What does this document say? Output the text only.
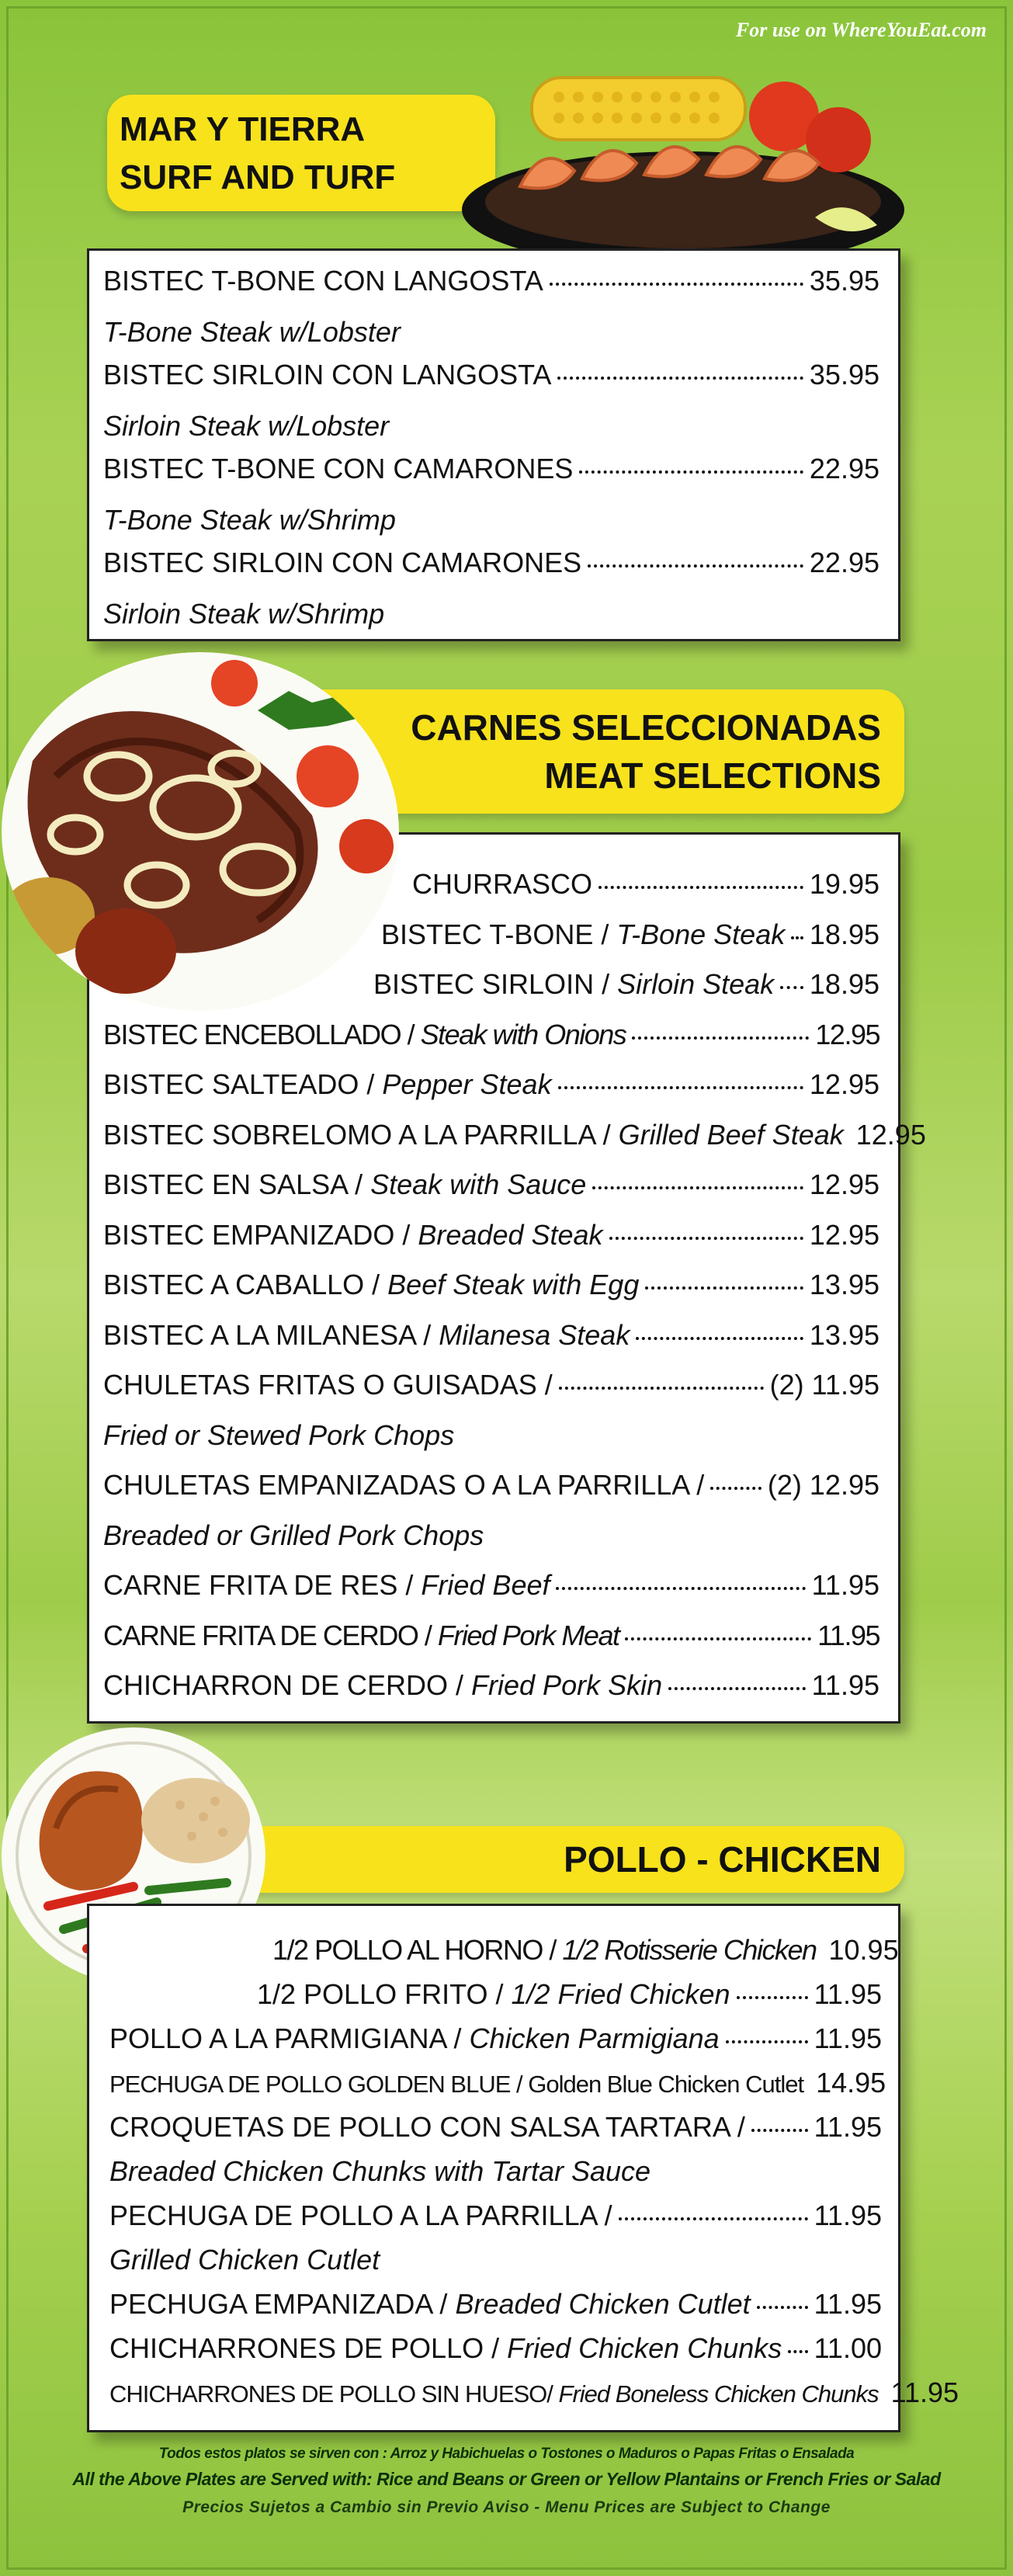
For use on WhereYouEat.com
MAR Y TIERRA
SURF AND TURF
BISTEC T-BONE CON LANGOSTA	35.95
T-Bone Steak w/Lobster
BISTEC SIRLOIN CON LANGOSTA	35.95
Sirloin Steak w/Lobster
BISTEC T-BONE CON CAMARONES	22.95
T-Bone Steak w/Shrimp
BISTEC SIRLOIN CON CAMARONES	22.95
Sirloin Steak w/Shrimp
CARNES SELECCIONADAS
MEAT SELECTIONS
CHURRASCO	19.95
BISTEC T-BONE / T-Bone Steak 18.95
BISTEC SIRLOIN / Sirloin Steak 18.95
BISTEC ENCEBOLLADO / Steak with Onions	12.95
BISTEC SALTEADO / Pepper Steak	12.95
BISTEC SOBRELOMO A LA PARRILLA / Grilled Beef Steak 12.95
BISTEC EN SALSA / Steak with Sauce	12.95
BISTEC EMPANIZADO / Breaded Steak	12.95
BISTEC A CABALLO / Beef Steak with Egg	13.95
BISTEC A LA MILANESA / Milanesa Steak	13.95
CHULETAS FRITAS O GUISADAS /	(2) 11.95
Fried or Stewed Pork Chops
CHULETAS EMPANIZADAS O A LA PARRILLA / (2) 12.95
Breaded or Grilled Pork Chops
CARNE FRITA DE RES / Fried Beef	11.95
CARNE FRITA DE CERDO / Fried Pork Meat	11.95
CHICHARRON DE CERDO / Fried Pork Skin	11.95
POLLO - CHICKEN
1/2 POLLO AL HORNO / 1/2 Rotisserie Chicken 10.95
1/2 POLLO FRITO / 1/2 Fried Chicken	11.95
POLLO A LA PARMIGIANA / Chicken Parmigiana	11.95
PECHUGA DE POLLO GOLDEN BLUE / Golden Blue Chicken Cutlet 14.95
CROQUETAS DE POLLO CON SALSA TARTARA / 11.95
Breaded Chicken Chunks with Tartar Sauce
PECHUGA DE POLLO A LA PARRILLA /	11.95
Grilled Chicken Cutlet
PECHUGA EMPANIZADA / Breaded Chicken Cutlet 11.95
CHICHARRONES DE POLLO / Fried Chicken Chunks 11.00
CHICHARRONES DE POLLO SIN HUESO/ Fried Boneless Chicken Chunks 11.95
Todos estos platos se sirven con : Arroz y Habichuelas o Tostones o Maduros o Papas Fritas o Ensalada
All the Above Plates are Served with: Rice and Beans or Green or Yellow Plantains or French Fries or Salad
Precios Sujetos a Cambio sin Previo Aviso - Menu Prices are Subject to Change
